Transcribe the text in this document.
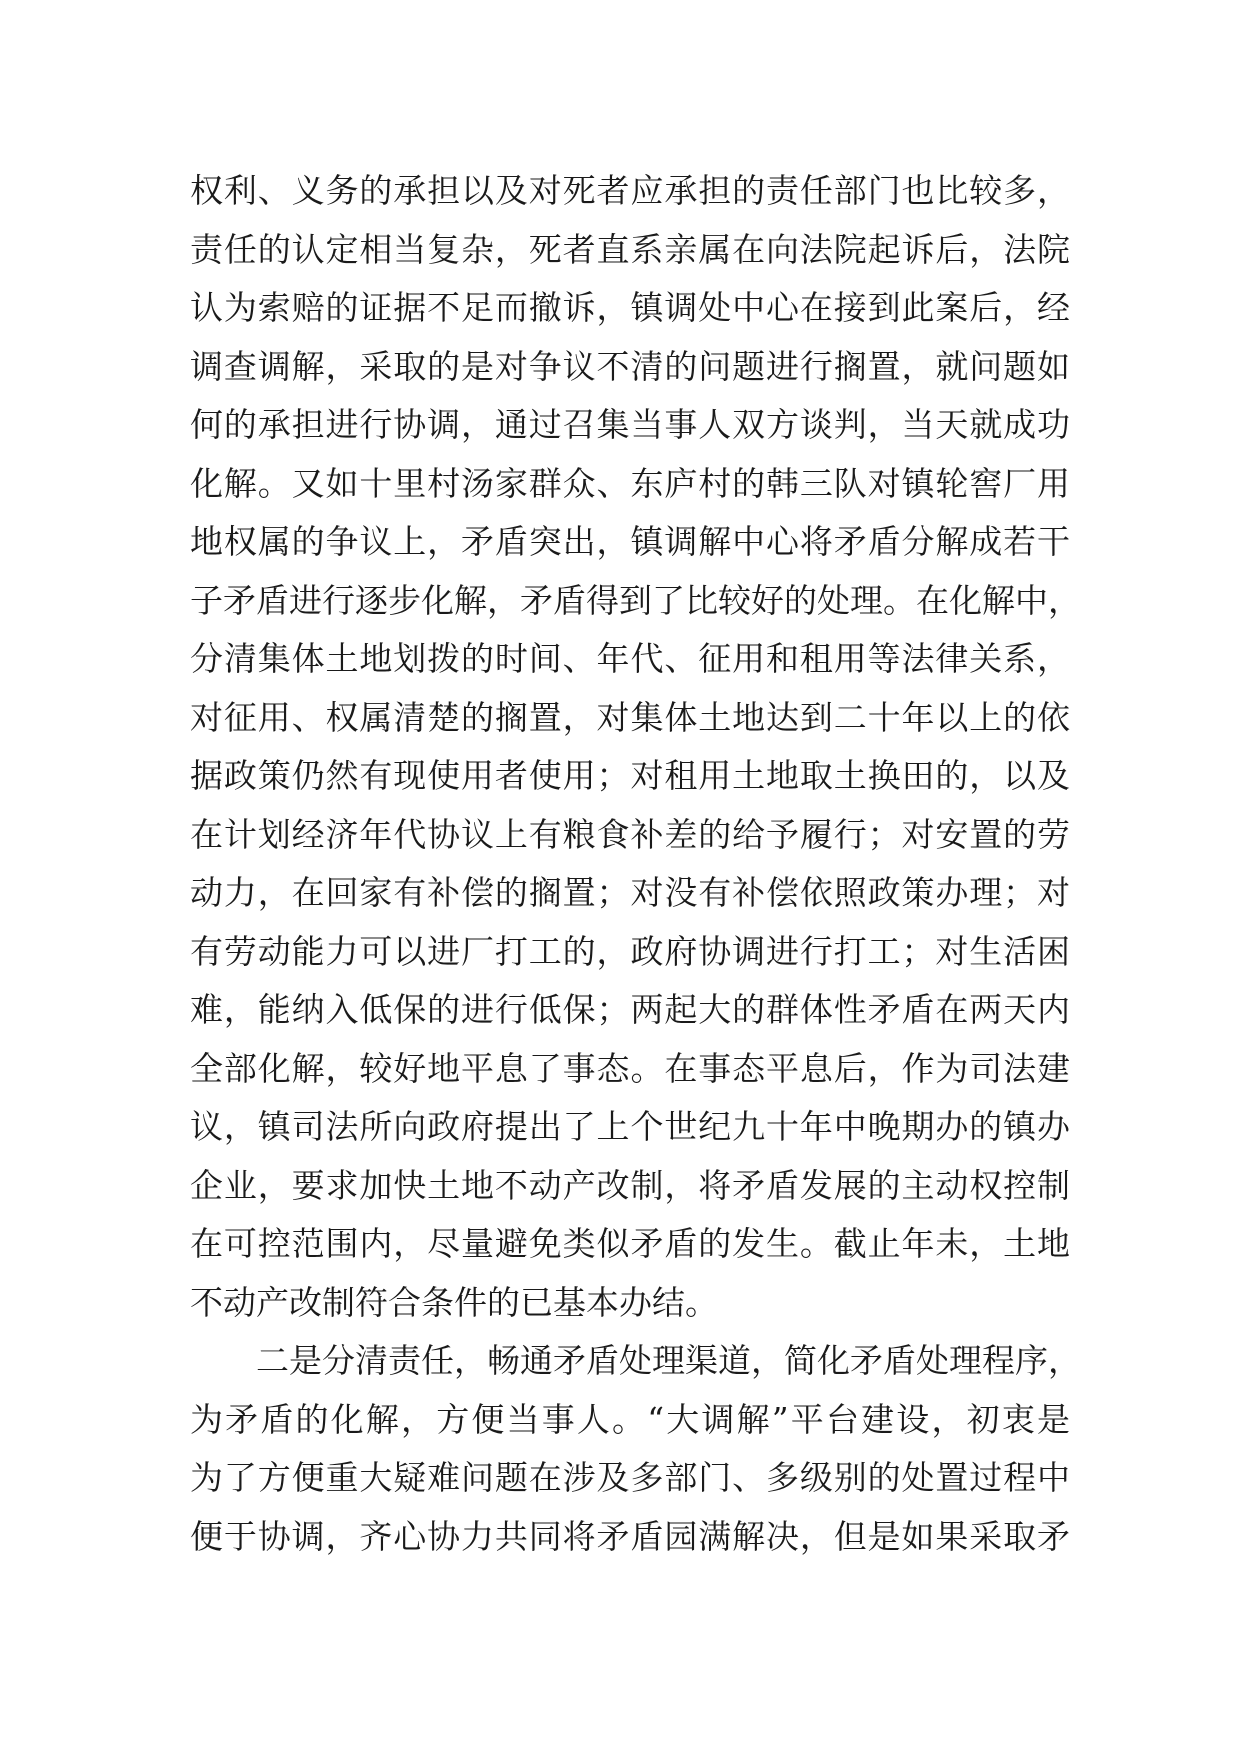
权利、义务的承担以及对死者应承担的责任部门也比较多，
责任的认定相当复杂，死者直系亲属在向法院起诉后，法院
认为索赔的证据不足而撤诉，镇调处中心在接到此案后，经
调查调解，采取的是对争议不清的问题进行搁置，就问题如
何的承担进行协调，通过召集当事人双方谈判，当天就成功
化解。又如十里村汤家群众、东庐村的韩三队对镇轮窖厂用
地权属的争议上，矛盾突出，镇调解中心将矛盾分解成若干
子矛盾进行逐步化解，矛盾得到了比较好的处理。在化解中，
分清集体土地划拨的时间、年代、征用和租用等法律关系，
对征用、权属清楚的搁置，对集体土地达到二十年以上的依
据政策仍然有现使用者使用；对租用土地取土换田的，以及
在计划经济年代协议上有粮食补差的给予履行；对安置的劳
动力，在回家有补偿的搁置；对没有补偿依照政策办理；对
有劳动能力可以进厂打工的，政府协调进行打工；对生活困
难，能纳入低保的进行低保；两起大的群体性矛盾在两天内
全部化解，较好地平息了事态。在事态平息后，作为司法建
议，镇司法所向政府提出了上个世纪九十年中晚期办的镇办
企业，要求加快土地不动产改制，将矛盾发展的主动权控制
在可控范围内，尽量避免类似矛盾的发生。截止年未，土地
不动产改制符合条件的已基本办结。
二是分清责任，畅通矛盾处理渠道，简化矛盾处理程序，
为矛盾的化解，方便当事人。“大调解”平台建设，初衷是
为了方便重大疑难问题在涉及多部门、多级别的处置过程中
便于协调，齐心协力共同将矛盾园满解决，但是如果采取矛
